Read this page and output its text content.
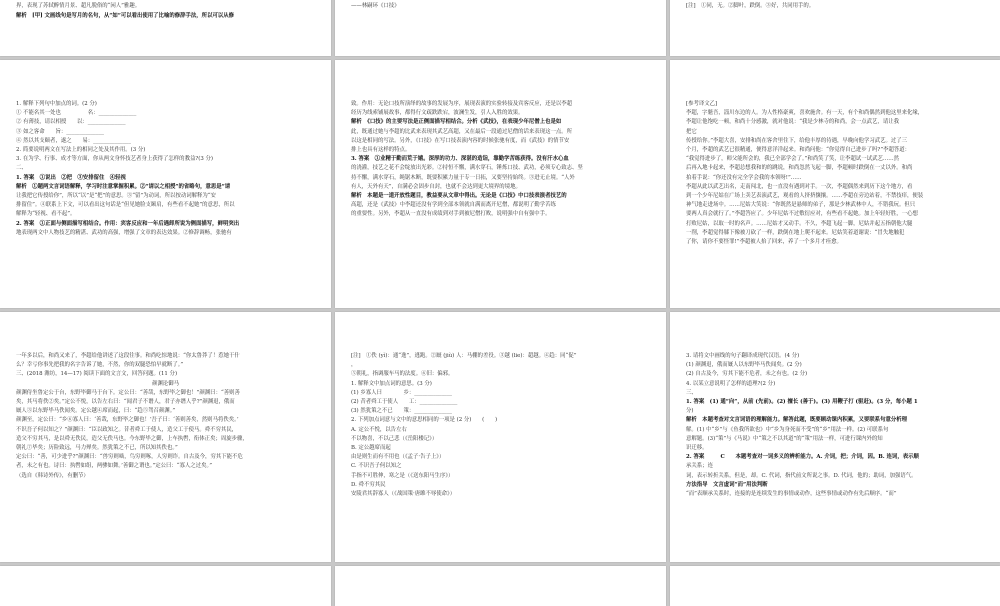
界，表现了苏轼醉情月景、超凡脱俗的“闲人”雅趣。

解析　[甲] 文画线句是写月的名句，从“如”可以看出使用了比喻的修辞手法，所以可以从修

——林嗣环《口技》	[注]　①同，无。②脚叶，跌倒。③好，共同用手的。

1. 解释下列句中加点的词。(2 分)

① 不能名其一处也　　　　　名：______________

② 有薄技，请以相授　　以：______________

③ 如之客命　　旨：______________

④ 然以其支颐者，遂之　　易：______________

2. 简要说明两文在写法上的相同之处及其作用。(3 分)

3. 在为学、行事、成才等方面，你从两文身怀技艺者身上获得了怎样的教益?(3 分)

二、

1. 答案　①说出　②把　③安排留住　④轻视

解析　①题两文言词语解释，学习时注意掌握积累。②“请以之相授”的省略句，意思是“请

让我把它传授给你”，所以“以”是“把”的意思。③“留”为动词，所以按动词解释为“安

排留住”。④联系上下文，可以看出这句话是“但见她脸支颐肩，有些看不起她”的意思，所以

解释为“轻视、看不起”。

2. 答案　①正面与侧面描写相结合。作用：宾客反应和一年后遇卸所说为侧面描写，鲜明突出

地表现两文中人物技艺的精湛、武功的高强，增强了文章的表达效果。②修辞调畅，张驰有

致。作用：无论口技所演绎的故事的发展为序，展现表演的实验转接及宾客反应，还是以李超

经历为线索铺展故事，都得行文疏跌跌宕，波澜生发，引人入胜的效果。

解析　《口技》的主要写法是正侧面描写相结合。分析《武技》，在表现少年尼僧上也是如

此，既通过她与李超的比武来表现其武艺高超，又在最后一段通过尼僧的话来表现这一点。所

以这是相同的写法。另外，《口技》在写口技表演内容的时候张驰有度，而《武技》的情节安

排上也具有这样的特点。

3. 答案　①业精于勤而荒于嬉。深厚的功力、深湛的造诣，靠勤学苦练获得。没有汗水心血

的浇灌，技艺之花不会绽放出光彩。②持恒不懈，满水穿石，锤炼口技、武功，必须专心致志、坚

持不懈，满水穿石，绳锯木断，既要积累力量于专一日拓，又要坚持始终。③进无止境。“人外

有人，天外有天”，自满必会固步自封，也就不会达到更大境界的境地。

解析　本题是一道开放性题目，教益要从文章中得出。无论是《口技》中口技表演者技艺的

高超，还是《武技》中李超还没有学到全部本领就自满而离开尼僧，都说明了勤学苦练

的重要性。另外，李超从一直没有成绩到对手到被尼僧打败，说明强中自有强中手。

[参考译文乙]

李超，字魁吾，淄川东边的人。为人性格豪爽，喜欢施舍。有一天，有个和尚偶然到他这里来化缘，

李超让他饱吃一顿，和尚十分感激，就对他说：“我是少林寺的和尚，会一点武艺，请让我

把它

传授给你。”李超大喜，安排和尚在客舍里住下，给他丰厚的待遇，早晚向他学习武艺。过了三

个月，李超的武艺已很精通，便得意洋洋起来。和尚问他：“你觉得自己进步了吗?”李超答道：

“我觉得进步了，师父能所会的，我已全部学会了。”和尚笑了笑，让李超试一试武艺……然

后再入地卡起来，李超总想我和的的跳说，和尚忽然飞起一脚，李超顿时跌倒在一丈以外。和尚

拍着手说：“你还没有完全学会我的本领呀!”……

李超从此以武艺出名，走南闯北，也一直没有遇到对手。一次，李超偶然来到历下这个地方，看

到一个少年尼姑在广场上卖艺表演武艺，观看的人挤挤攘攘。……李超在旁边站着，不禁技痒，便装

神气地走进场中。……尼姑大笑说：“你既然是悬师的弟子，那是少林武林中人，不错我玩。但只

要两人真会就行了。”李超答应了。少年尼姑不过敷衍应对，有些看不起她。加上年轻好胜，一心想

打败尼姑，以取一时的名声。……尼姑才又动手。不久，李超飞起一脚，尼姑并起五指朝他大腿

一削，李超觉得膝下像被刀砍了一样，跌倒在地上爬不起来。尼姑笑着道谢说：“冒失地触犯

了你，请你不要怪罪!”李超被人抬了回来，养了一个多月才痊愈。

一年多以后，和尚又来了，李超给他讲述了这段往事。和尚吃惊地说：“你太鲁莽了！惹她干什

么？幸亏你事先把我的名字告诉了她，不然，你的双腿恐怕早就断了。”

三、(2018 潍坊，14—17) 阅读下面的文言文，回答问题。(11 分)

颜渊论御马

颜渊侍坐鲁定公于台，东野毕御马于台下。定公曰：“善哉，东野毕之御也！”颜渊曰：“善则善

矣，其马将佚②矣。”定公不悦，以告左右曰：“闻君子不谮人，君子亦谮人乎?”颜渊退，俄而

厩人③以东野毕马佚闻矣。定公越④席而起，曰：“趋⑤驾召颜渊。”

颜渊至，定公曰：“乡⑥寡人曰：‘善哉，东野毕之御也！’吾子曰：‘善则善矣，然则马将佚矣。’

不识吾子何以知之？”颜渊曰：“臣以政知之。昔者舜工于使人，造父工于使马。舜不穷其民，

造父不穷其马，是以舜无佚民，造父无佚马也。今东野毕之御，上车执辔，衔体正矣；周旋步骤，

朝礼⑦毕矣；历险致远，马力殚矣。然犹策之不已，所以知其佚也。”

定公曰：“善，可少进乎?”颜渊曰：“兽穷则啮，鸟穷则啄，人穷则诈。自古及今，穷其下能不危

者，未之有也。诗曰：执辔如组，两骖如舞。’善御之谓也。”定公曰：“寡人之过矣。”

（选自《韩诗外传》，有删节）

[注]　①佚 (yì)：通“逸”，逃跑。②厩 (jiù) 人：马棚的差役。③越 (lie)：超越。④趋：同“促”

，

⑤朝礼，指调服车马的法度。⑥旧：偏邪。

1. 解释文中加点词的意思。(3 分)

(1) 乡寡人曰　　　　乡：______________

(2) 昔者舜工于使人　　工：______________

(3) 然犹策之不已　　策：______________

2. 下列加点词意与文中的意思相同的一项是 (2 分)　　(　　)

A. 定公不悦，以告左右

不以物喜，不以己悲（《岳阳楼记》）

B. 定公越席而起

由是则生而有不用也（《孟子·告子上》）

C. 不识吾子何以知之

手指不可胜伸，寒之是（《送东阳马生序》）

D. 舜不穷其民

安陵君其辞寡人（《战国策·唐雎不辱使命》）

3. 请将文中画线的句子翻译成现代汉语。(4 分)

(1) 颜渊退，俄而厩人以东野毕马佚闻矣。(2 分)

(2) 自古及今，穷其下能不危者，未之有也。(2 分)

4. 以某立意说明了怎样的道理?(2 分)

三、

1. 答案　(1) 通“向”，从前 (先前)。(2) 擅长 (善于)。(3) 用鞭子打 (驱赶)。(3 分，每小题 1

分)

解析　本题考查对文言词语的理解能力。解答此题，既要顾动课内积累，又要联系句意分析理

解。(1) 中“乡”与《鱼我所欲也》中“乡为身死而不受”的“乡”用法一样。(2) 可联系句

意解题。(3)“策”与《马说》中“策之不以其道”的“策”用法一样，可进行课内外的知

识迁移。

2. 答案　　　C　　本题考查对一词多义的辨析能力。A. 介词，把；介词，因。B. 连词，表示顺

承关系；连

词，表示转折关系，但是，却。C. 代词，指代前文所说之事。D. 代词，他的；助词，加强语气。

方法指导　文言虚词“而”用法判断

“而”表顺承关系时，连接的是连续发生的事情或动作，这些事情或动作有先后顺序。“而”
